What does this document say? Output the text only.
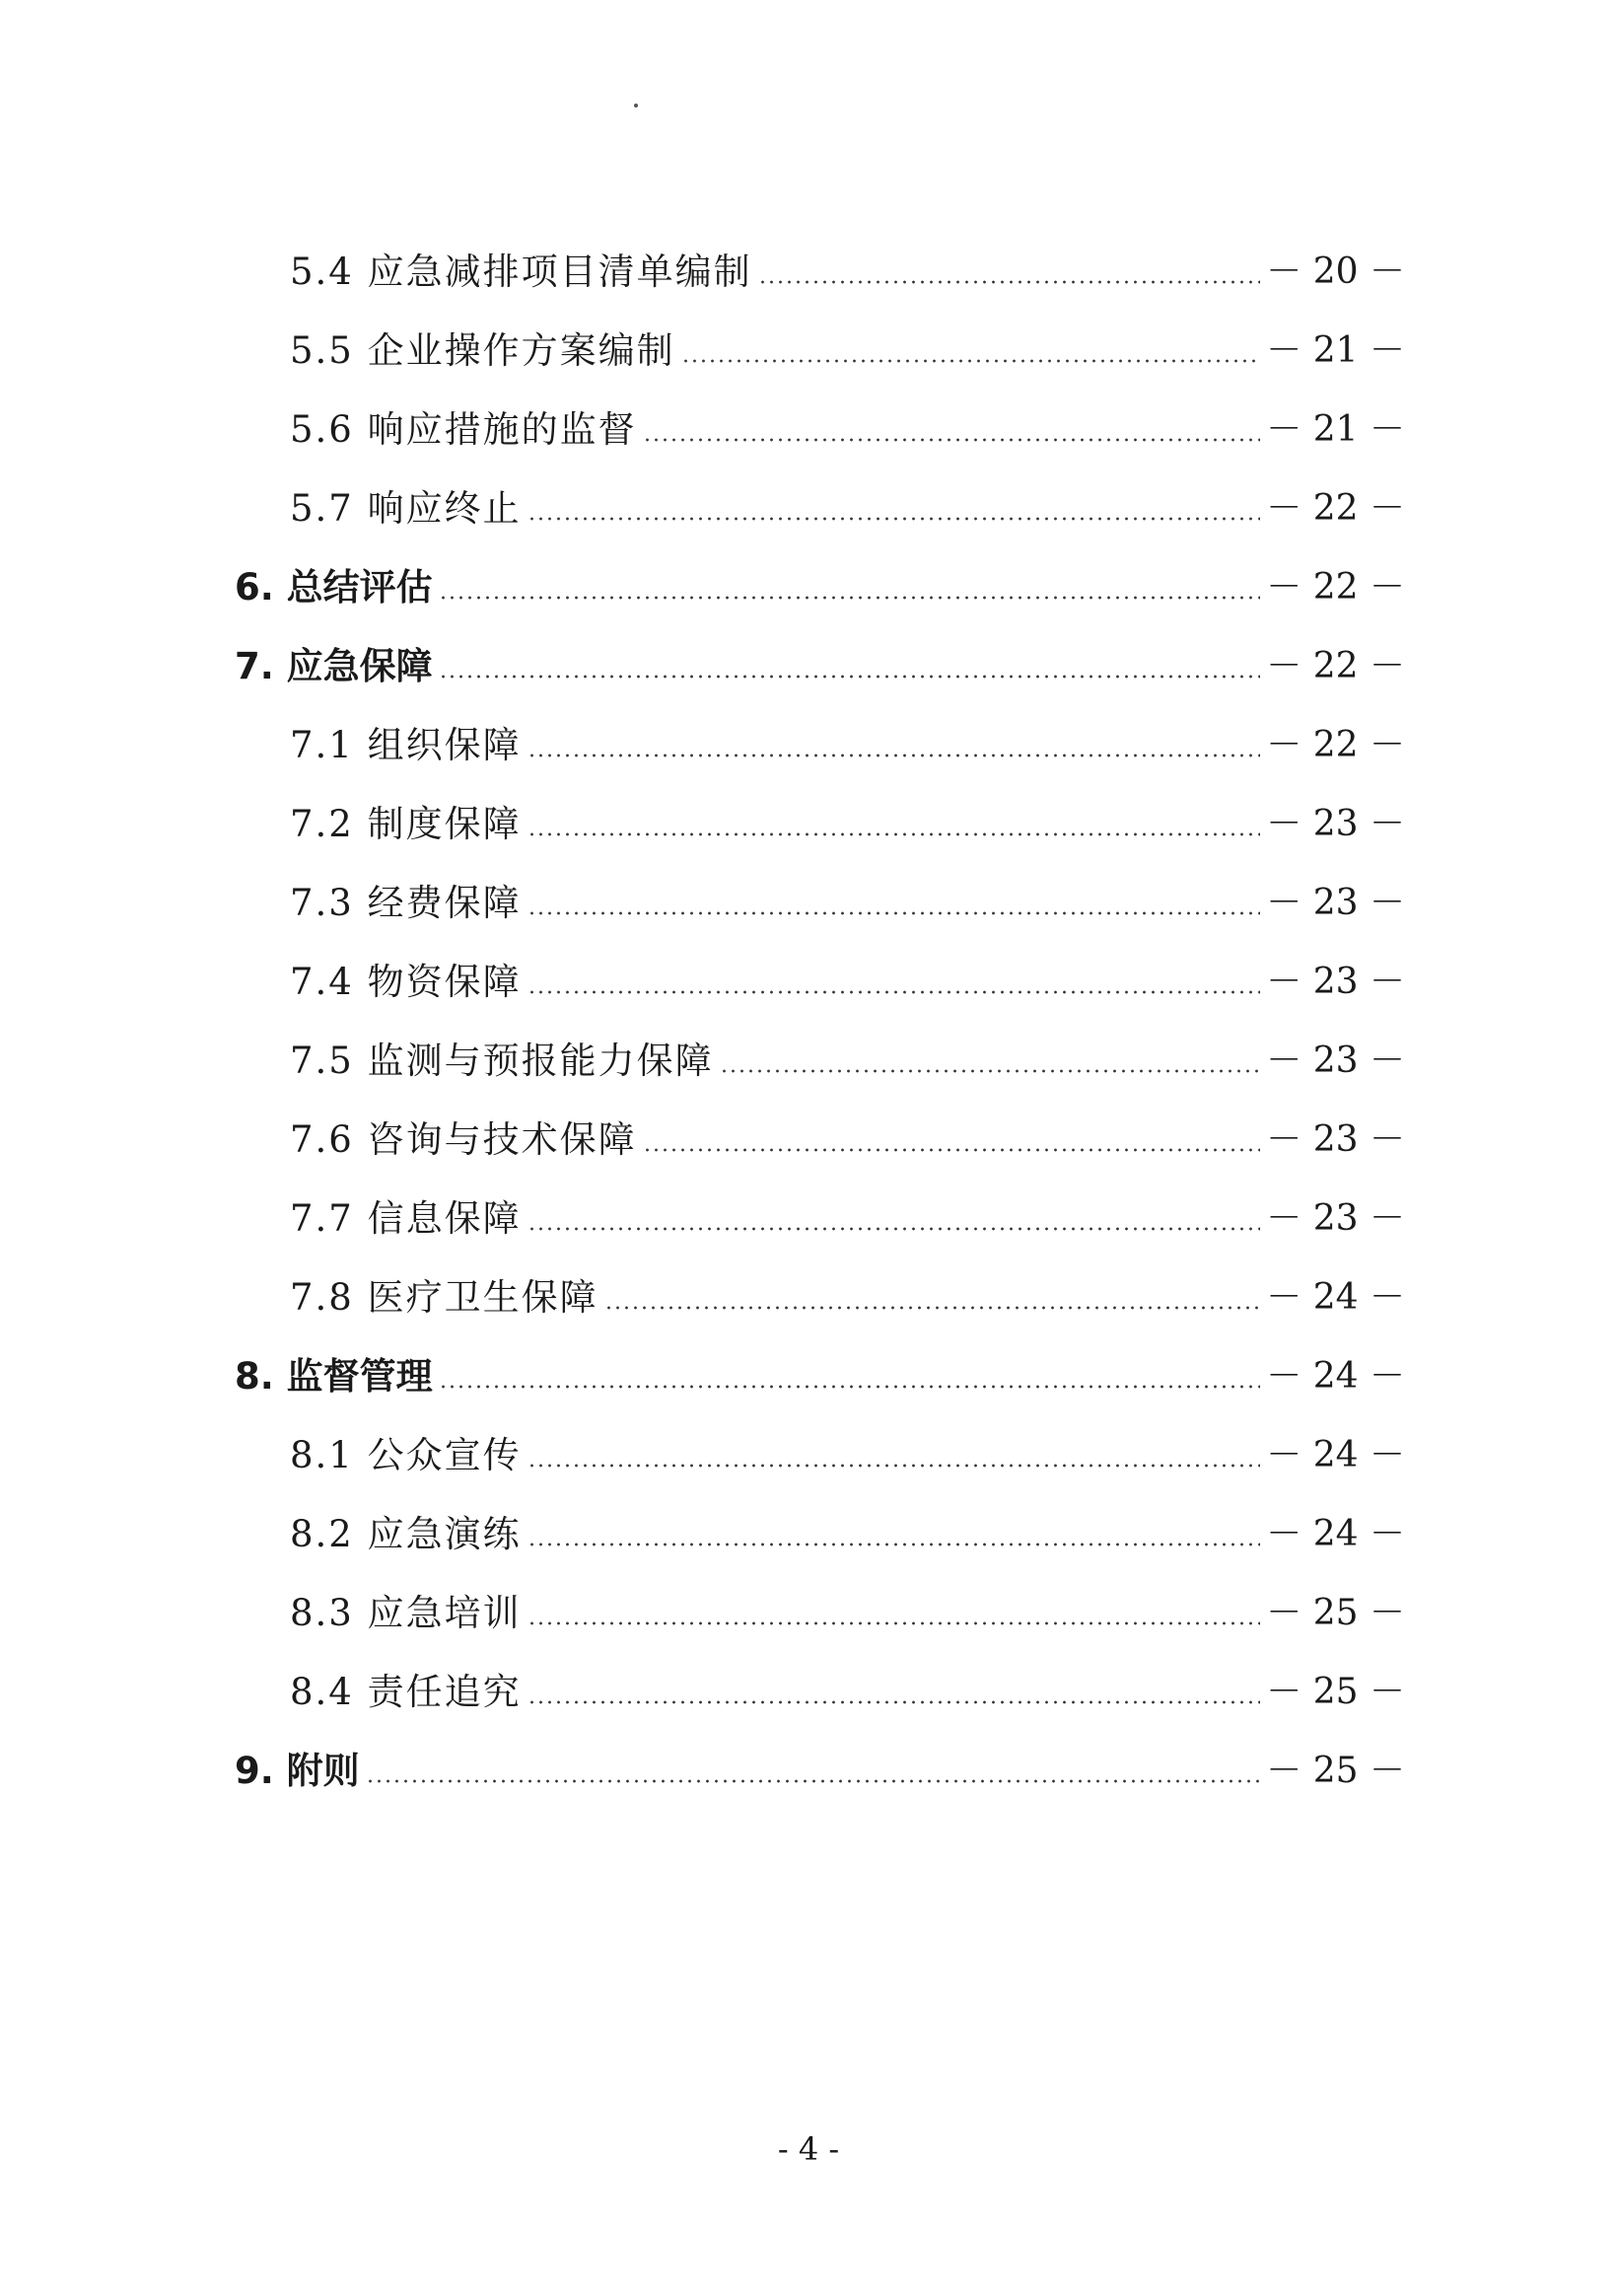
5.4 应急减排项目清单编制	－ 20 －
5.5 企业操作方案编制	－ 21 －
5.6 响应措施的监督	－ 21 －
5.7 响应终止	－ 22 －
6. 总结评估	－ 22 －
7. 应急保障	－ 22 －
7.1 组织保障	－ 22 －
7.2 制度保障	－ 23 －
7.3 经费保障	－ 23 －
7.4 物资保障	－ 23 －
7.5 监测与预报能力保障	－ 23 －
7.6 咨询与技术保障	－ 23 －
7.7 信息保障	－ 23 －
7.8 医疗卫生保障	－ 24 －
8. 监督管理	－ 24 －
8.1 公众宣传	－ 24 －
8.2 应急演练	－ 24 －
8.3 应急培训	－ 25 －
8.4 责任追究	－ 25 －
9. 附则	－ 25 －
- 4 -
